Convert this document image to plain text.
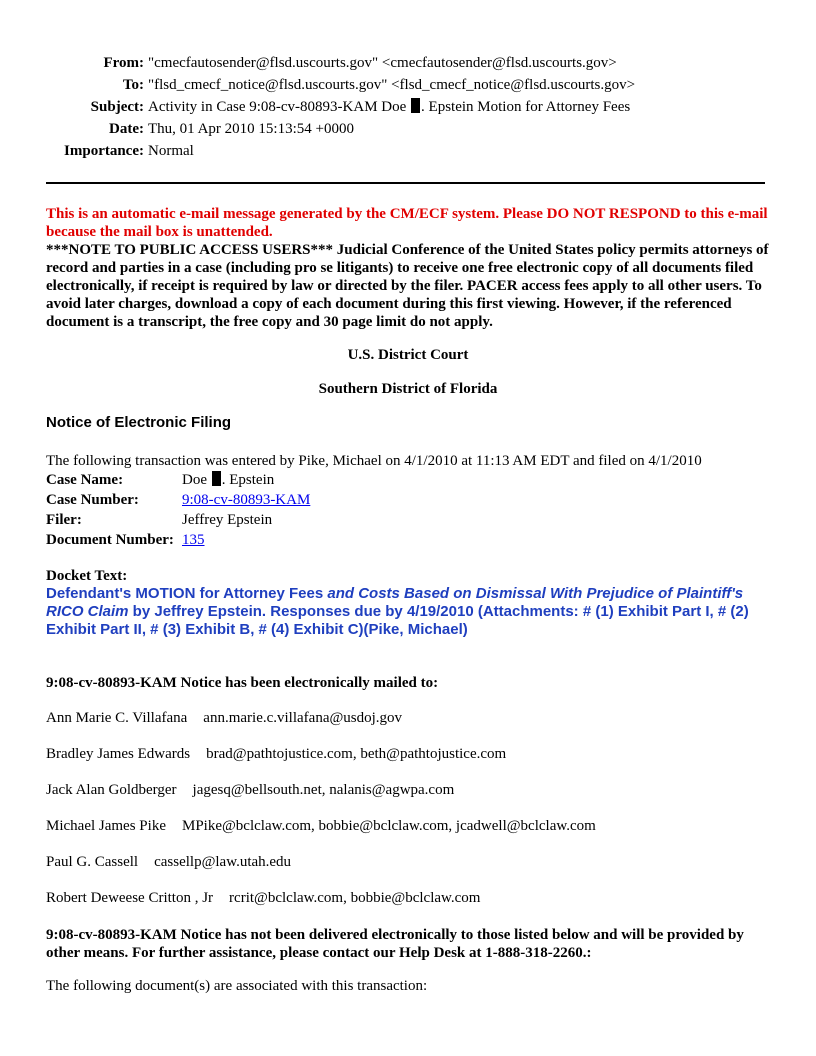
From:	"cmecfautosender@flsd.uscourts.gov" <cmecfautosender@flsd.uscourts.gov>
To:	"flsd_cmecf_notice@flsd.uscourts.gov" <flsd_cmecf_notice@flsd.uscourts.gov>
Subject:	Activity in Case 9:08-cv-80893-KAM Doe . Epstein Motion for Attorney Fees
Date:	Thu, 01 Apr 2010 15:13:54 +0000
Importance:	Normal
This is an automatic e-mail message generated by the CM/ECF system. Please DO NOT RESPOND to this e-mail because the mail box is unattended.
***NOTE TO PUBLIC ACCESS USERS*** Judicial Conference of the United States policy permits attorneys of record and parties in a case (including pro se litigants) to receive one free electronic copy of all documents filed electronically, if receipt is required by law or directed by the filer. PACER access fees apply to all other users. To avoid later charges, download a copy of each document during this first viewing. However, if the referenced document is a transcript, the free copy and 30 page limit do not apply.
U.S. District Court
Southern District of Florida
Notice of Electronic Filing
The following transaction was entered by Pike, Michael on 4/1/2010 at 11:13 AM EDT and filed on 4/1/2010
Case Name:	Doe . Epstein
Case Number:	9:08-cv-80893-KAM
Filer:	Jeffrey Epstein
Document Number:	135
Docket Text:
Defendant's MOTION for Attorney Fees and Costs Based on Dismissal With Prejudice of Plaintiff's RICO Claim by Jeffrey Epstein. Responses due by 4/19/2010 (Attachments: # (1) Exhibit Part I, # (2) Exhibit Part II, # (3) Exhibit B, # (4) Exhibit C)(Pike, Michael)
9:08-cv-80893-KAM Notice has been electronically mailed to:
Ann Marie C. Villafana ann.marie.c.villafana@usdoj.gov
Bradley James Edwards brad@pathtojustice.com, beth@pathtojustice.com
Jack Alan Goldberger jagesq@bellsouth.net, nalanis@agwpa.com
Michael James Pike MPike@bclclaw.com, bobbie@bclclaw.com, jcadwell@bclclaw.com
Paul G. Cassell cassellp@law.utah.edu
Robert Deweese Critton , Jr rcrit@bclclaw.com, bobbie@bclclaw.com
9:08-cv-80893-KAM Notice has not been delivered electronically to those listed below and will be provided by other means. For further assistance, please contact our Help Desk at 1-888-318-2260.:
The following document(s) are associated with this transaction:
